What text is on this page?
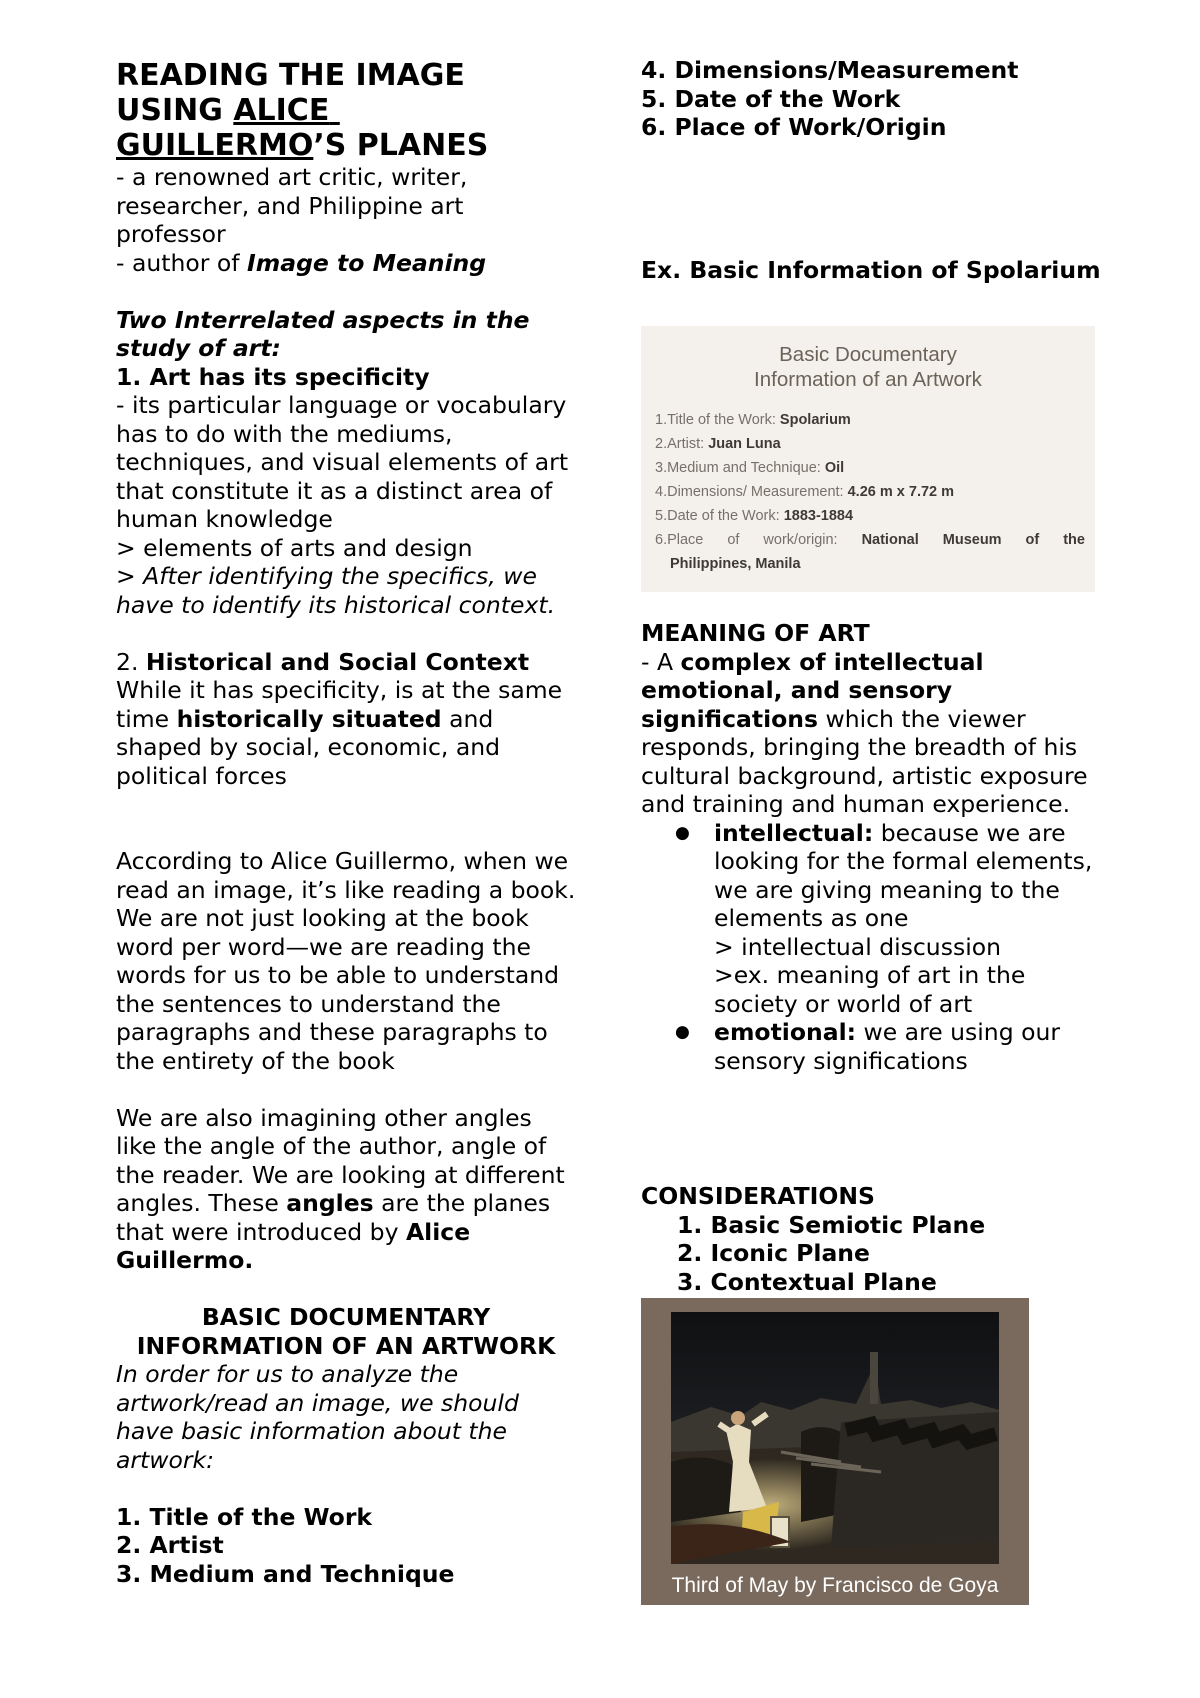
READING THE IMAGE
USING ALICE
GUILLERMO’S PLANES

- a renowned art critic, writer, researcher, and Philippine art professor

- author of Image to Meaning

Two Interrelated aspects in the study of art:

1. Art has its specificity

- its particular language or vocabulary has to do with the mediums, techniques, and visual elements of art that constitute it as a distinct area of human knowledge

> elements of arts and design

> After identifying the specifics, we have to identify its historical context.

2. Historical and Social Context

While it has specificity, is at the same time historically situated and shaped by social, economic, and political forces

According to Alice Guillermo, when we read an image, it’s like reading a book. We are not just looking at the book word per word—we are reading the words for us to be able to understand the sentences to understand the paragraphs and these paragraphs to the entirety of the book

We are also imagining other angles like the angle of the author, angle of the reader. We are looking at different angles. These angles are the planes that were introduced by Alice Guillermo.

BASIC DOCUMENTARY
INFORMATION OF AN ARTWORK

In order for us to analyze the artwork/read an image, we should have basic information about the artwork:

1. Title of the Work

2. Artist

3. Medium and Technique

4. Dimensions/Measurement

5. Date of the Work

6. Place of Work/Origin

Ex. Basic Information of Spolarium

MEANING OF ART

- A complex of intellectual emotional, and sensory significations which the viewer responds, bringing the breadth of his cultural background, artistic exposure and training and human experience.

● intellectual: because we are looking for the formal elements, we are giving meaning to the elements as one
> intellectual discussion
>ex. meaning of art in the society or world of art
● emotional: we are using our sensory significations

CONSIDERATIONS

1. Basic Semiotic Plane
2. Iconic Plane
3. Contextual Plane
Basic Documentary
Information of an Artwork
1.Title of the Work: Spolarium
2.Artist: Juan Luna
3.Medium and Technique: Oil
4.Dimensions/ Measurement: 4.26 m x 7.72 m
5.Date of the Work: 1883-1884
6.Place of work/origin: National Museum of the
Philippines, Manila
Third of May by Francisco de Goya
